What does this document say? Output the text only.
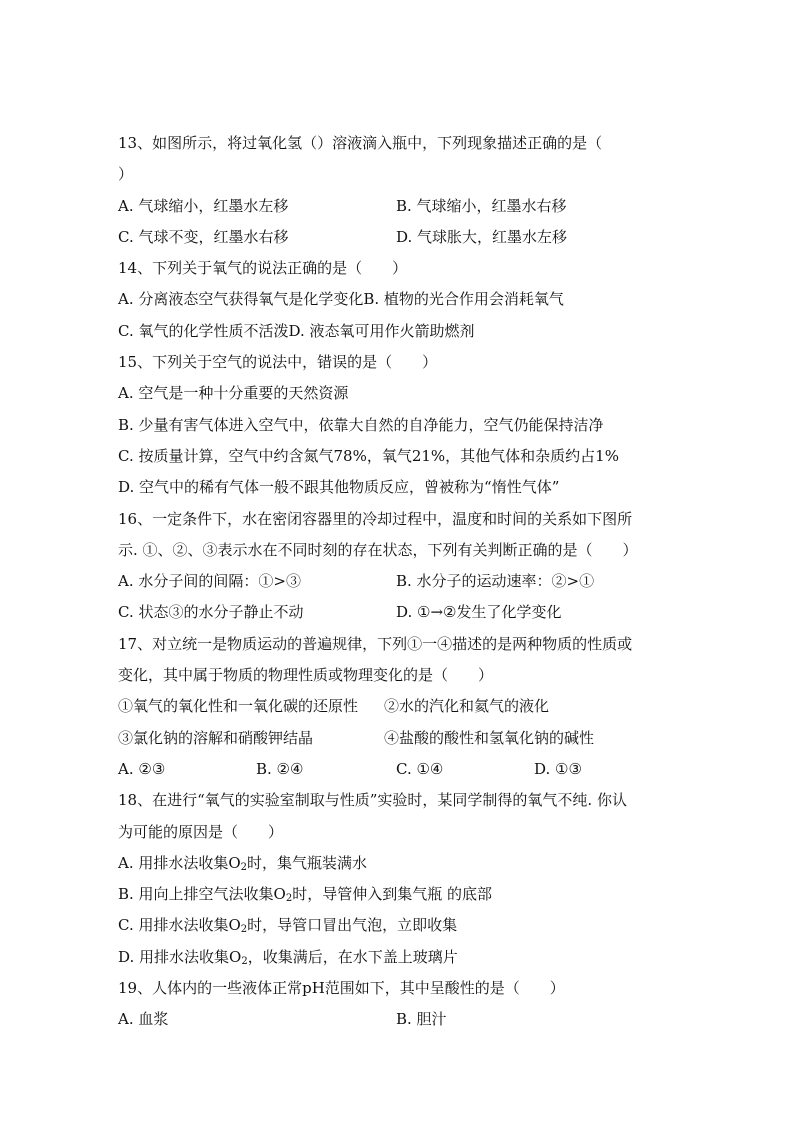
13、如图所示，将过氧化氢（）溶液滴入瓶中，下列现象描述正确的是（
）
A. 气球缩小，红墨水左移	B. 气球缩小，红墨水右移
C. 气球不变，红墨水右移	D. 气球胀大，红墨水左移
14、下列关于氧气的说法正确的是（　　）
A. 分离液态空气获得氧气是化学变化B. 植物的光合作用会消耗氧气
C. 氧气的化学性质不活泼D. 液态氧可用作火箭助燃剂
15、下列关于空气的说法中，错误的是（　　）
A. 空气是一种十分重要的天然资源
B. 少量有害气体进入空气中，依靠大自然的自净能力，空气仍能保持洁净
C. 按质量计算，空气中约含氮气78%，氧气21%，其他气体和杂质约占1%
D. 空气中的稀有气体一般不跟其他物质反应，曾被称为“惰性气体”
16、一定条件下，水在密闭容器里的冷却过程中，温度和时间的关系如下图所
示. ①、②、③表示水在不同时刻的存在状态，下列有关判断正确的是（　　）
A. 水分子间的间隔：①>③	B. 水分子的运动速率：②>①
C. 状态③的水分子静止不动	D. ①→②发生了化学变化
17、对立统一是物质运动的普遍规律，下列①一④描述的是两种物质的性质或
变化，其中属于物质的物理性质或物理变化的是（　　）
①氧气的氧化性和一氧化碳的还原性 ②水的汽化和氦气的液化
③氯化钠的溶解和硝酸钾结晶	④盐酸的酸性和氢氧化钠的碱性
A. ②③	B. ②④	C. ①④	D. ①③
18、在进行“氧气的实验室制取与性质”实验时，某同学制得的氧气不纯. 你认
为可能的原因是（　　）
A. 用排水法收集$O_2$时，集气瓶装满水
B. 用向上排空气法收集$O_2$时，导管伸入到集气瓶 的底部
C. 用排水法收集$O_2$时，导管口冒出气泡，立即收集
D. 用排水法收集$O_2$，收集满后，在水下盖上玻璃片
19、人体内的一些液体正常pH范围如下，其中呈酸性的是（　　）
A. 血浆	B. 胆汁
